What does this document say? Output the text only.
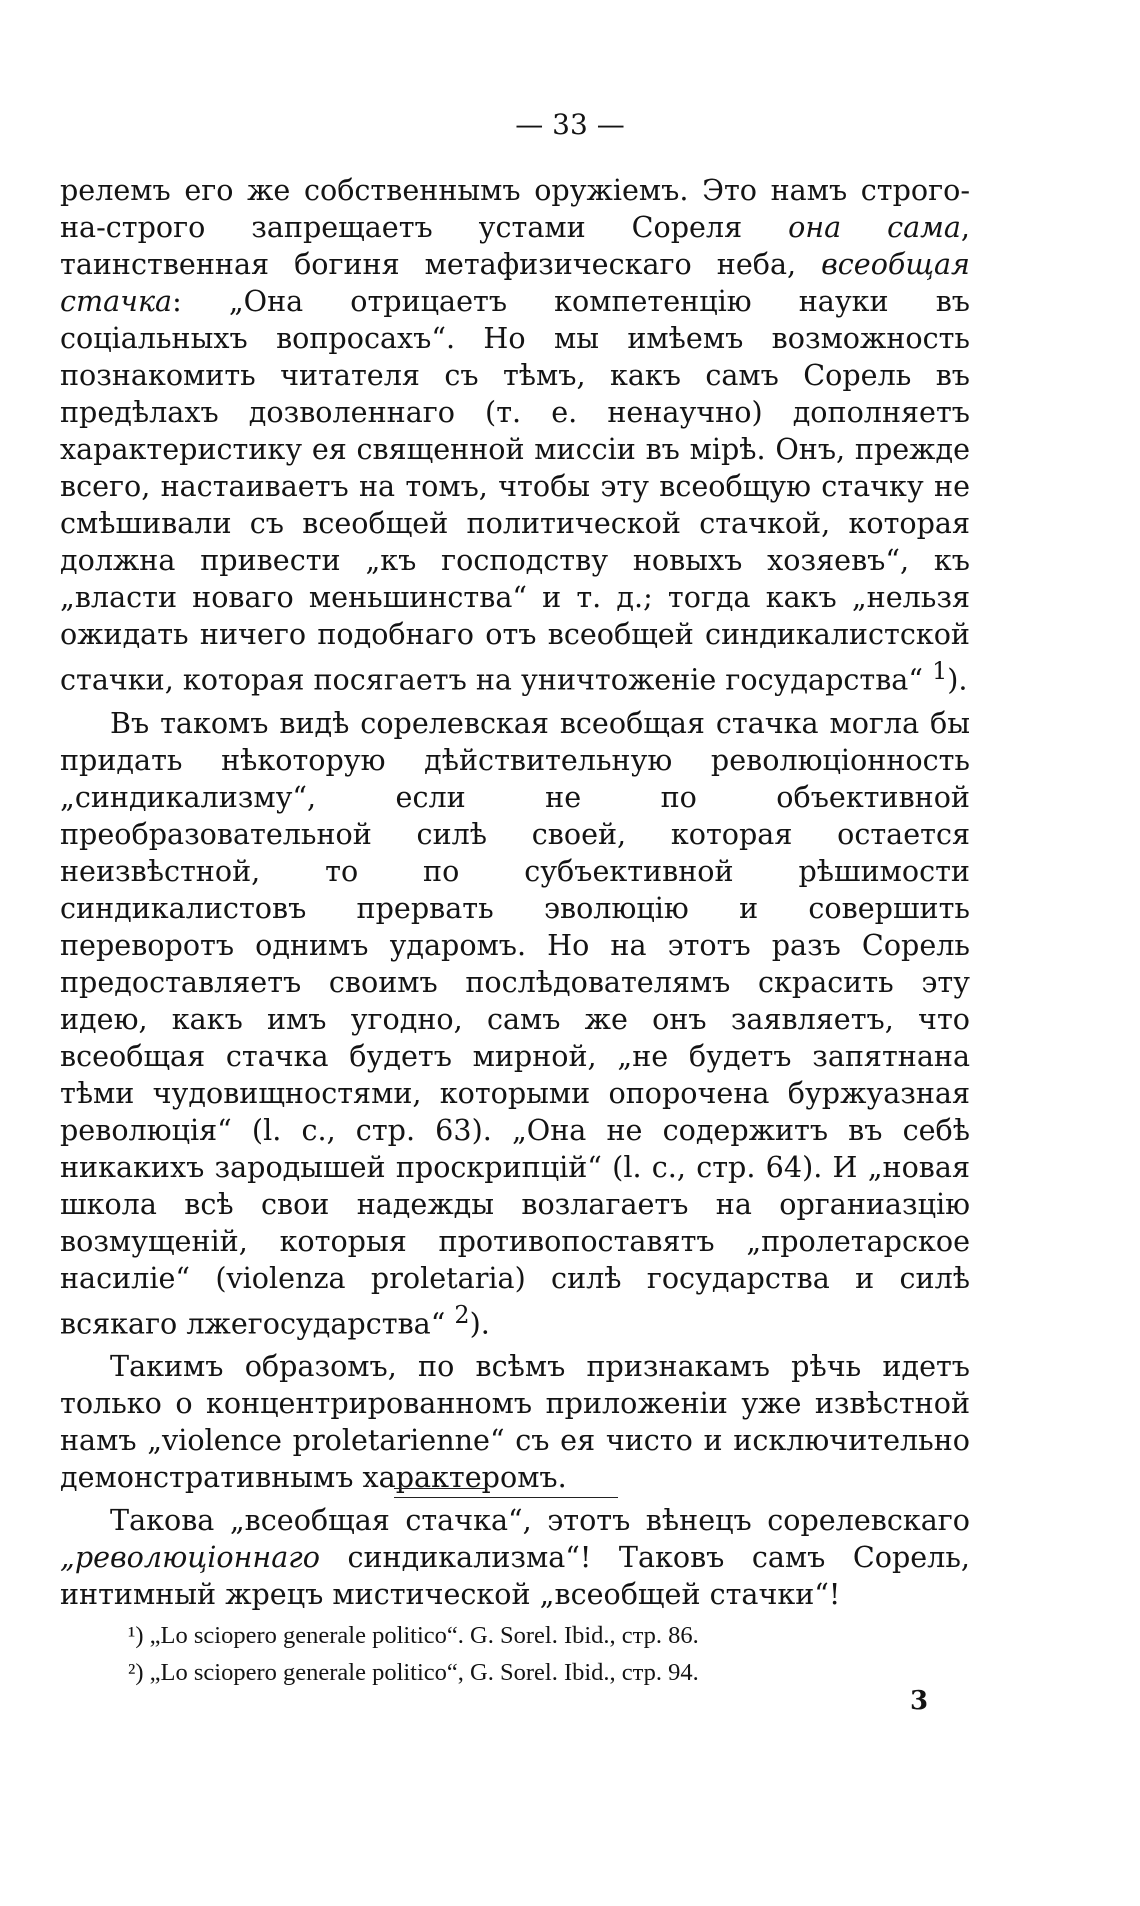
— 33 —

релемъ его же собственнымъ оружіемъ. Это намъ строго-на-строго запрещаетъ устами Сореля она сама, таинственная богиня метафизическаго неба, всеобщая стачка: „Она отрицаетъ компетенцію науки въ соціальныхъ вопросахъ“. Но мы имѣемъ возможность познакомить читателя съ тѣмъ, какъ самъ Сорель въ предѣлахъ дозволеннаго (т. е. ненаучно) дополняетъ характеристику ея священной миссіи въ мірѣ. Онъ, прежде всего, настаиваетъ на томъ, чтобы эту всеобщую стачку не смѣшивали съ всеобщей политической стачкой, которая должна привести „къ господству новыхъ хозяевъ“, къ „власти новаго меньшинства“ и т. д.; тогда какъ „нельзя ожидать ничего подобнаго отъ всеобщей синдикалистской стачки, которая посягаетъ на уничтоженіе государства“ $^1$).

Въ такомъ видѣ сорелевская всеобщая стачка могла бы придать нѣкоторую дѣйствительную революціонность „синдикализму“, если не по объективной преобразовательной силѣ своей, которая остается неизвѣстной, то по субъективной рѣшимости синдикалистовъ прервать эволюцію и совершить переворотъ однимъ ударомъ. Но на этотъ разъ Сорель предоставляетъ своимъ послѣдователямъ скрасить эту идею, какъ имъ угодно, самъ же онъ заявляетъ, что всеобщая стачка будетъ мирной, „не будетъ запятнана тѣми чудовищностями, которыми опорочена буржуазная революція“ (l. c., стр. 63). „Она не содержитъ въ себѣ никакихъ зародышей проскрипцій“ (l. c., стр. 64). И „новая школа всѣ свои надежды возлагаетъ на органиазцію возмущеній, которыя противопоставятъ „пролетарское насиліе“ (violenza proletaria) силѣ государства и силѣ всякаго лжегосударства“ $^2$).

Такимъ образомъ, по всѣмъ признакамъ рѣчь идетъ только о концентрированномъ приложеніи уже извѣстной намъ „violence proletarienne“ съ ея чисто и исключительно демонстративнымъ характеромъ.

Такова „всеобщая стачка“, этотъ вѣнецъ сорелевскаго „революціоннаго синдикализма“! Таковъ самъ Сорель, интимный жрецъ мистической „всеобщей стачки“!

¹) „Lo sciopero generale politico“. G. Sorel. Ibid., стр. 86.

²) „Lo sciopero generale politico“, G. Sorel. Ibid., стр. 94.

3
